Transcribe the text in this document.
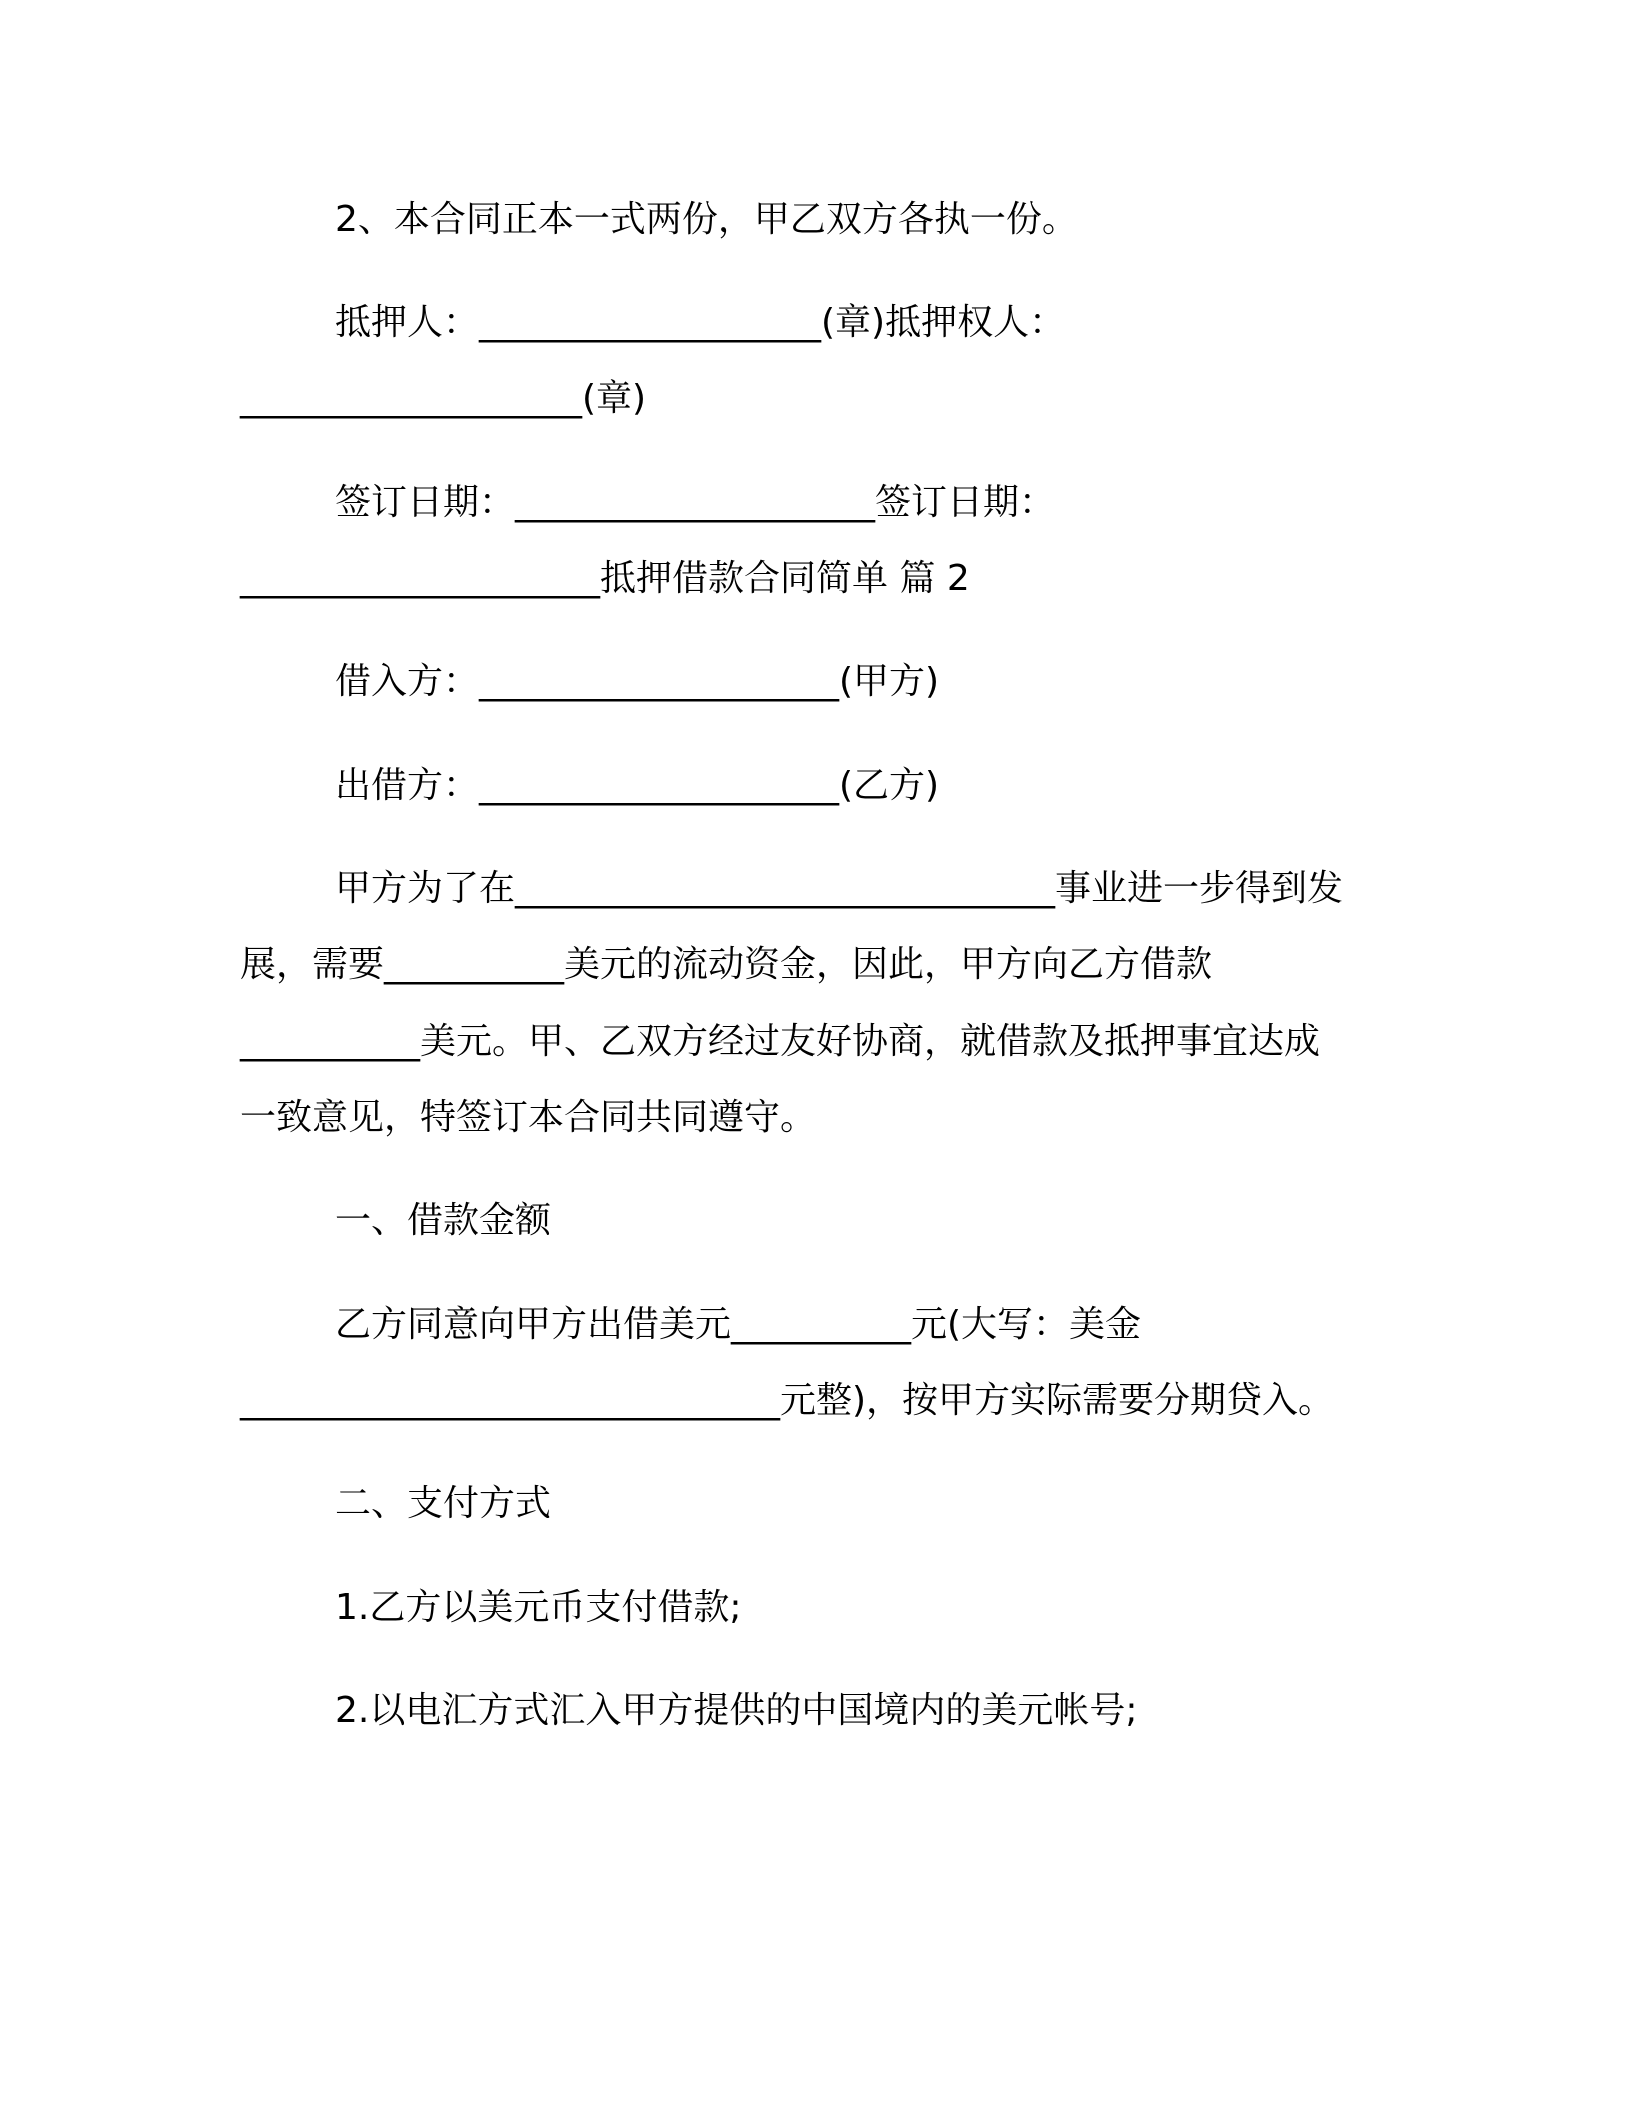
2、本合同正本一式两份，甲乙双方各执一份。
抵押人：___________________(章)抵押权人：
___________________(章)
签订日期：____________________签订日期：
____________________抵押借款合同简单 篇 2
借入方：____________________(甲方)
出借方：____________________(乙方)
甲方为了在______________________________事业进一步得到发
展，需要__________美元的流动资金，因此，甲方向乙方借款
__________美元。甲、乙双方经过友好协商，就借款及抵押事宜达成
一致意见，特签订本合同共同遵守。
一、借款金额
乙方同意向甲方出借美元__________元(大写：美金
______________________________元整)，按甲方实际需要分期贷入。
二、支付方式
1.乙方以美元币支付借款;
2.以电汇方式汇入甲方提供的中国境内的美元帐号;
